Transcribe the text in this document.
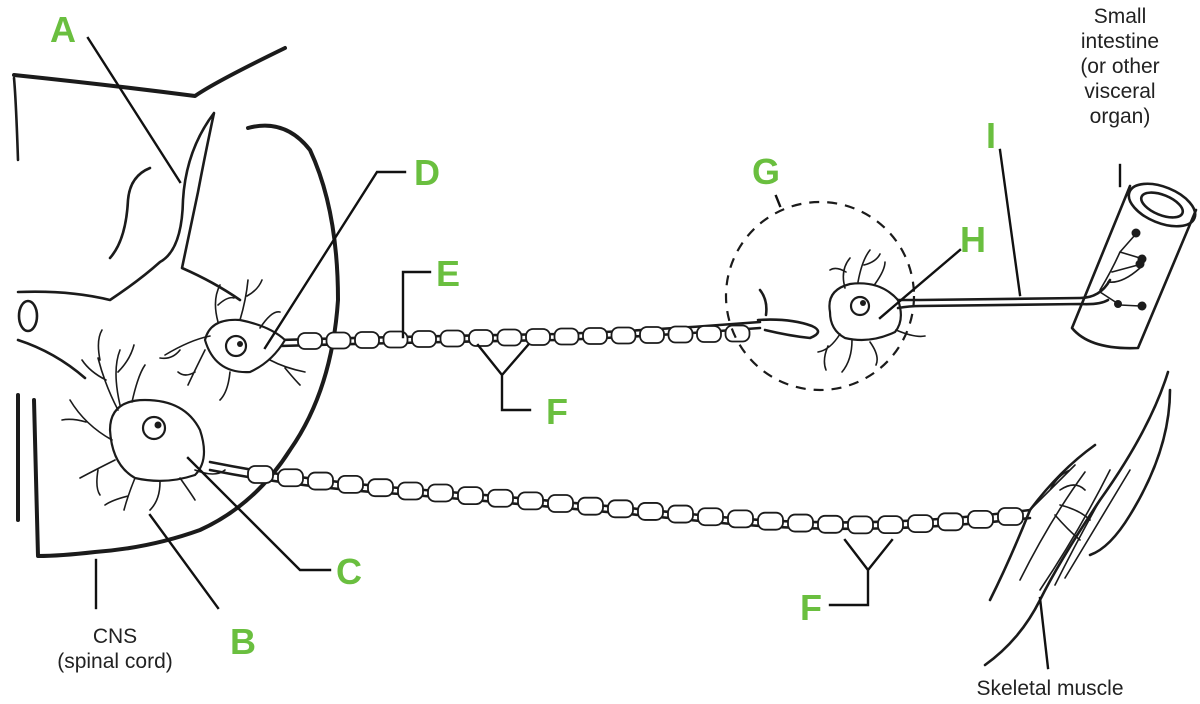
A
D
E
F
G
H
I
C
B
F
CNS
(spinal cord)
Small
intestine
(or other
visceral
organ)
Skeletal muscle
